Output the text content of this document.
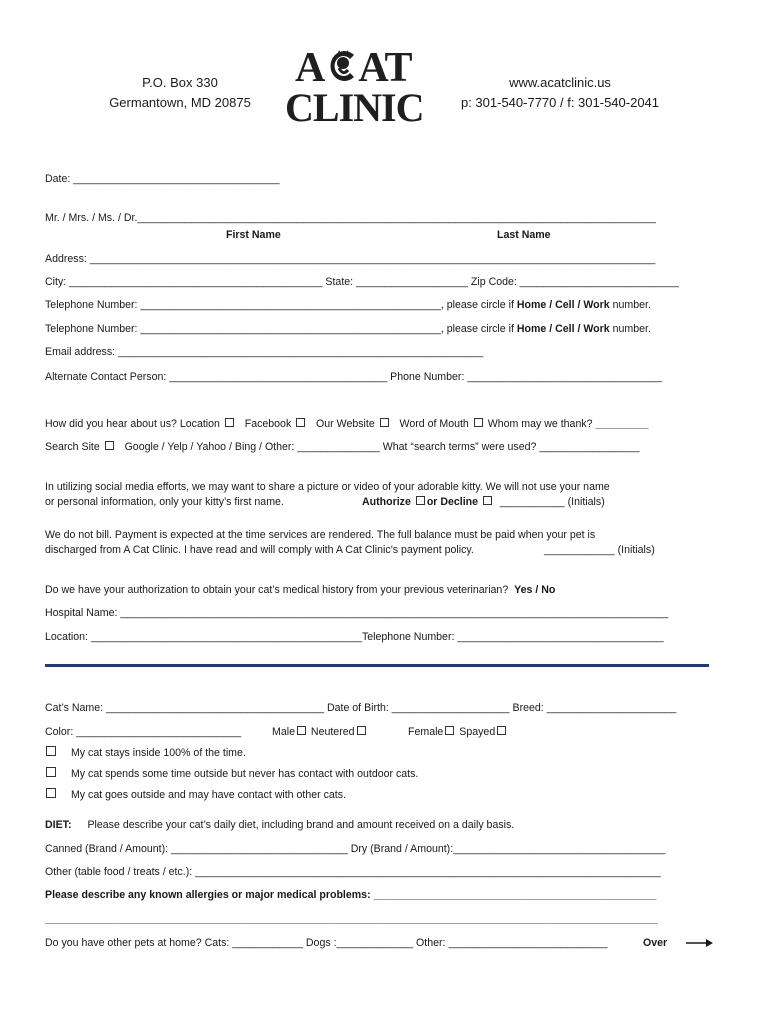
P.O. Box 330
Germantown, MD 20875
A AT
CLINIC
www.acatclinic.us
p: 301-540-7770 / f: 301-540-2041
Date: ___________________________________
Mr. / Mrs. / Ms. / Dr.________________________________________________________________________________________
First Name	Last Name
Address: ________________________________________________________________________________________________
City: ___________________________________________ State: ___________________ Zip Code: ___________________________
Telephone Number: ___________________________________________________, please circle if Home / Cell / Work number.
Telephone Number: ___________________________________________________, please circle if Home / Cell / Work number.
Email address: ______________________________________________________________
Alternate Contact Person: _____________________________________ Phone Number: _________________________________
How did you hear about us? Location Facebook Our Website Word of Mouth Whom may we thank? _________
Search Site Google / Yelp / Yahoo / Bing / Other: ______________ What “search terms” were used? _________________
In utilizing social media efforts, we may want to share a picture or video of your adorable kitty. We will not use your name
or personal information, only your kitty’s first name.	Authorize or Decline ___________ (Initials)
We do not bill. Payment is expected at the time services are rendered. The full balance must be paid when your pet is
discharged from A Cat Clinic. I have read and will comply with A Cat Clinic’s payment policy.	____________ (Initials)
Do we have your authorization to obtain your cat’s medical history from your previous veterinarian? Yes / No
Hospital Name: _____________________________________________________________________________________________
Location: ______________________________________________Telephone Number: ___________________________________
Cat’s Name: _____________________________________ Date of Birth: ____________________ Breed: ______________________
Color: ____________________________	Male Neutered	Female Spayed
My cat stays inside 100% of the time.
My cat spends some time outside but never has contact with outdoor cats.
My cat goes outside and may have contact with other cats.
DIET: Please describe your cat’s daily diet, including brand and amount received on a daily basis.
Canned (Brand / Amount): ______________________________ Dry (Brand / Amount):____________________________________
Other (table food / treats / etc.): _______________________________________________________________________________
Please describe any known allergies or major medical problems: ________________________________________________
________________________________________________________________________________________________________
Do you have other pets at home? Cats: ____________ Dogs :_____________ Other: ___________________________	Over
